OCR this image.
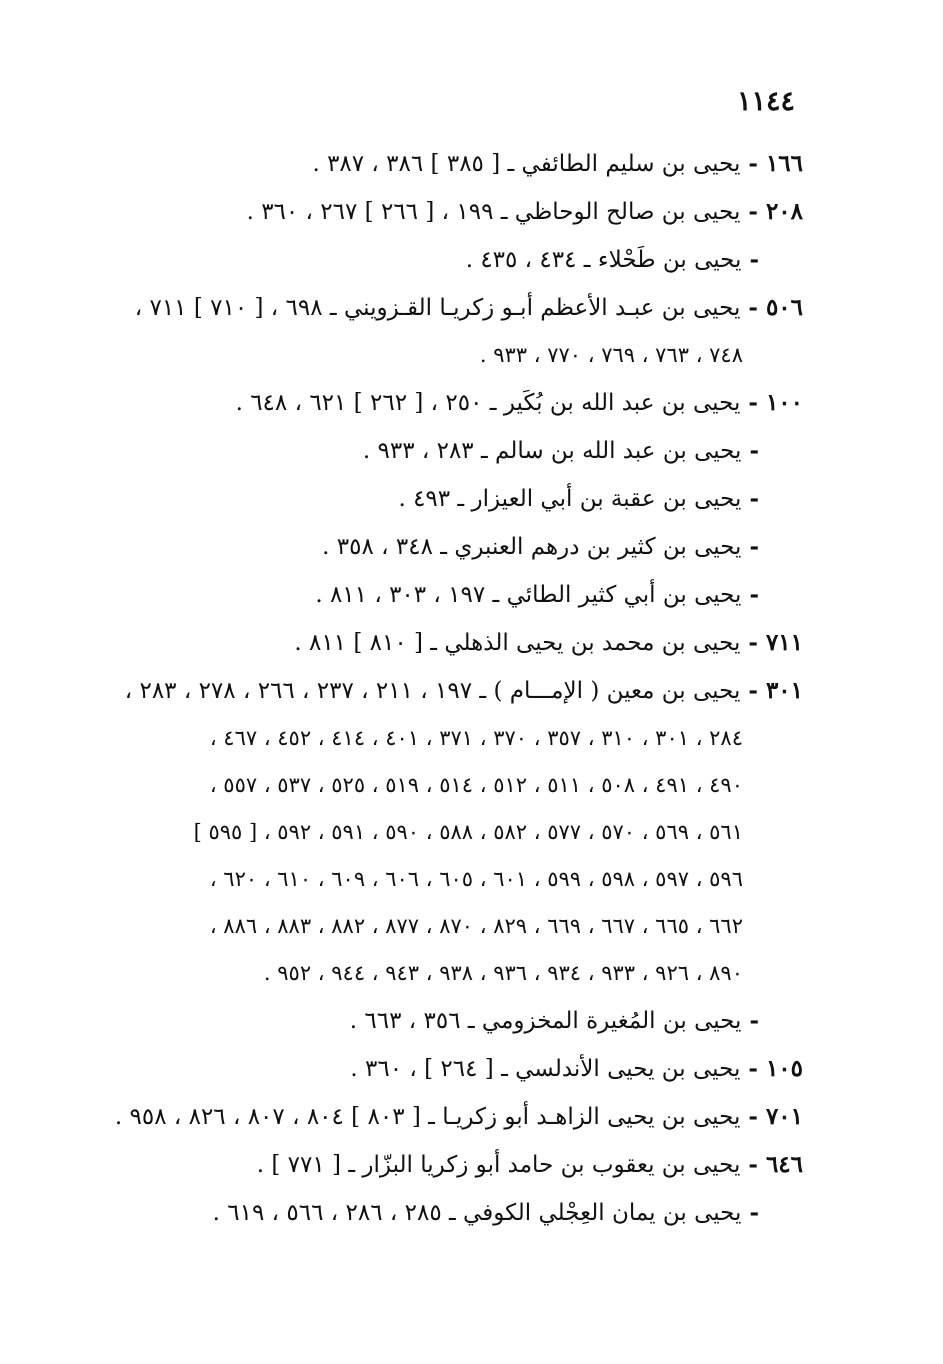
١١٤٤
١٦٦ - يحيى بن سليم الطائفي ـ [ ٣٨٥ ] ٣٨٦ ، ٣٨٧ .
٢٠٨ - يحيى بن صالح الوحاظي ـ ١٩٩ ، [ ٢٦٦ ] ٢٦٧ ، ٣٦٠ .
- يحيى بن طَحْلاء ـ ٤٣٤ ، ٤٣٥ .
٥٠٦ - يحيى بن عبـد الأعظم أبـو زكريـا القـزويني ـ ٦٩٨ ، [ ٧١٠ ] ٧١١ ،
٧٤٨ ، ٧٦٣ ، ٧٦٩ ، ٧٧٠ ، ٩٣٣ .
١٠٠ - يحيى بن عبد الله بن بُكَير ـ ٢٥٠ ، [ ٢٦٢ ] ٦٢١ ، ٦٤٨ .
- يحيى بن عبد الله بن سالم ـ ٢٨٣ ، ٩٣٣ .
- يحيى بن عقبة بن أبي العيزار ـ ٤٩٣ .
- يحيى بن كثير بن درهم العنبري ـ ٣٤٨ ، ٣٥٨ .
- يحيى بن أبي كثير الطائي ـ ١٩٧ ، ٣٠٣ ، ٨١١ .
٧١١ - يحيى بن محمد بن يحيى الذهلي ـ [ ٨١٠ ] ٨١١ .
٣٠١ - يحيى بن معين ( الإمـــام ) ـ ١٩٧ ، ٢١١ ، ٢٣٧ ، ٢٦٦ ، ٢٧٨ ، ٢٨٣ ،
٢٨٤ ، ٣٠١ ، ٣١٠ ، ٣٥٧ ، ٣٧٠ ، ٣٧١ ، ٤٠١ ، ٤١٤ ، ٤٥٢ ، ٤٦٧ ،
٤٩٠ ، ٤٩١ ، ٥٠٨ ، ٥١١ ، ٥١٢ ، ٥١٤ ، ٥١٩ ، ٥٢٥ ، ٥٣٧ ، ٥٥٧ ،
٥٦١ ، ٥٦٩ ، ٥٧٠ ، ٥٧٧ ، ٥٨٢ ، ٥٨٨ ، ٥٩٠ ، ٥٩١ ، ٥٩٢ ، [ ٥٩٥ ]
٥٩٦ ، ٥٩٧ ، ٥٩٨ ، ٥٩٩ ، ٦٠١ ، ٦٠٥ ، ٦٠٦ ، ٦٠٩ ، ٦١٠ ، ٦٢٠ ،
٦٦٢ ، ٦٦٥ ، ٦٦٧ ، ٦٦٩ ، ٨٢٩ ، ٨٧٠ ، ٨٧٧ ، ٨٨٢ ، ٨٨٣ ، ٨٨٦ ،
٨٩٠ ، ٩٢٦ ، ٩٣٣ ، ٩٣٤ ، ٩٣٦ ، ٩٣٨ ، ٩٤٣ ، ٩٤٤ ، ٩٥٢ .
- يحيى بن المُغيرة المخزومي ـ ٣٥٦ ، ٦٦٣ .
١٠٥ - يحيى بن يحيى الأندلسي ـ [ ٢٦٤ ] ، ٣٦٠ .
٧٠١ - يحيى بن يحيى الزاهـد أبو زكريـا ـ [ ٨٠٣ ] ٨٠٤ ، ٨٠٧ ، ٨٢٦ ، ٩٥٨ .
٦٤٦ - يحيى بن يعقوب بن حامد أبو زكريا البزّار ـ [ ٧٧١ ] .
- يحيى بن يمان العِجْلي الكوفي ـ ٢٨٥ ، ٢٨٦ ، ٥٦٦ ، ٦١٩ .
